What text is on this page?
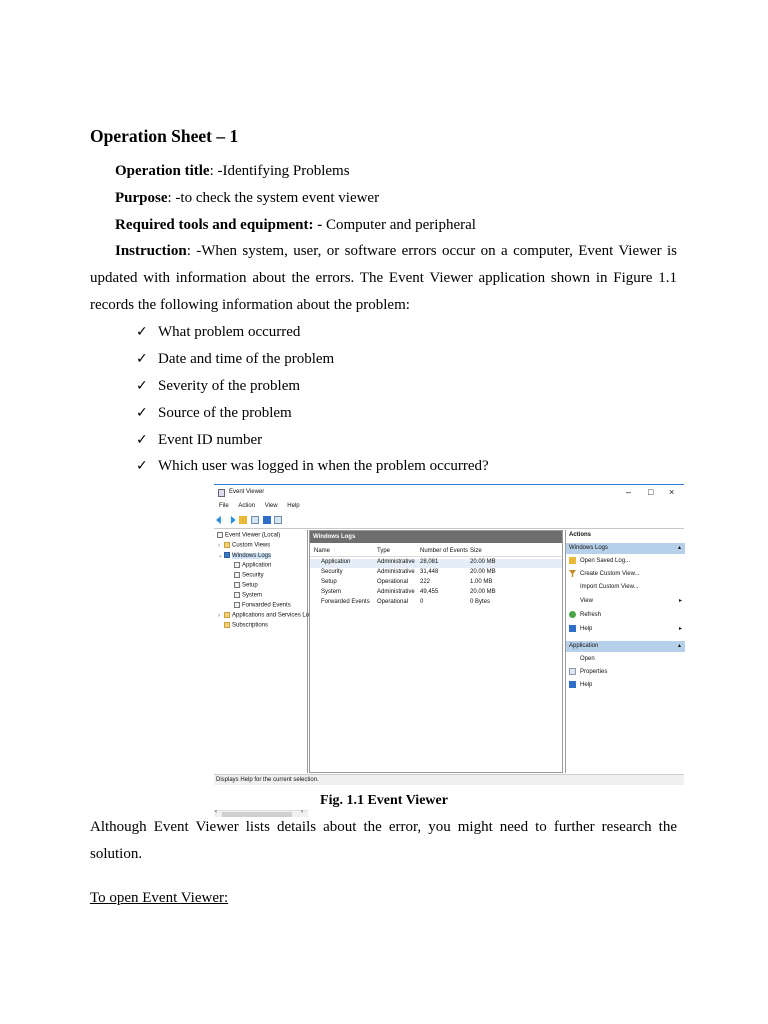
Operation Sheet – 1
Operation title: -Identifying Problems
Purpose: -to check the system event viewer
Required tools and equipment: - Computer and peripheral
Instruction: -When system, user, or software errors occur on a computer, Event Viewer is
updated with information about the errors. The Event Viewer application shown in Figure 1.1
records the following information about the problem:
✓ What problem occurred
✓ Date and time of the problem
✓ Severity of the problem
✓ Source of the problem
✓ Event ID number
✓ Which user was logged in when the problem occurred?
Event Viewer	– □ ×
File Action View Help

Event Viewer (Local)
› Custom Views
⌄ Windows Logs
Application
Security
Setup
System
Forwarded Events
› Applications and Services Lo
Subscriptions
‹	›
Windows Logs
Name	Type	Number of Events Size
Application	Administrative 28,081	20.00 MB
Security	Administrative 31,448	20.00 MB
Setup	Operational 222	1.00 MB
System	Administrative 49,455	20.00 MB
Forwarded Events Operational 0	0 Bytes
Actions
Windows Logs	▴
Open Saved Log...
Create Custom View...
Import Custom View...
View	▸
Refresh
Help	▸
Application	▴
Open
Properties
Help
Displays Help for the current selection.
Fig. 1.1 Event Viewer
Although Event Viewer lists details about the error, you might need to further research the
solution.
To open Event Viewer:
